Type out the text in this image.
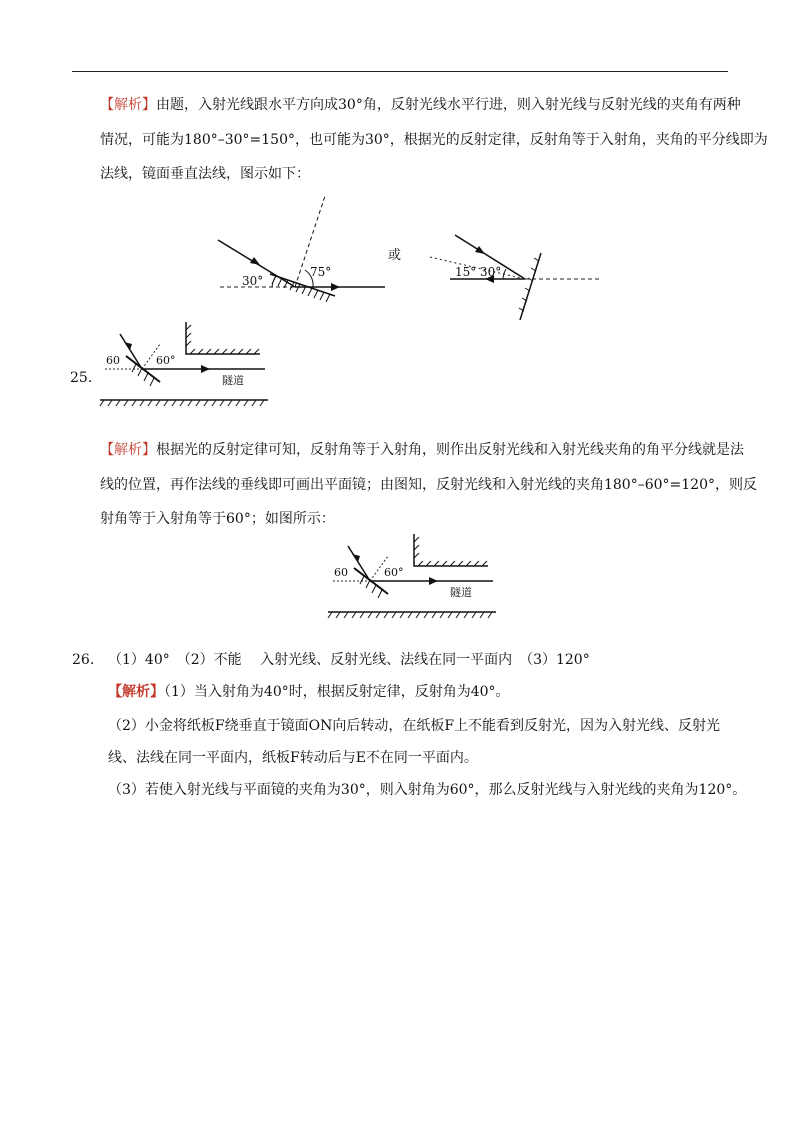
【解析】由题，入射光线跟水平方向成30°角，反射光线水平行进，则入射光线与反射光线的夹角有两种
情况，可能为180°–30°=150°，也可能为30°，根据光的反射定律，反射角等于入射角，夹角的平分线即为
法线，镜面垂直法线，图示如下：
30°
75°
或
15° 30°
25.
60	60°
隧道
【解析】根据光的反射定律可知，反射角等于入射角，则作出反射光线和入射光线夹角的角平分线就是法
线的位置，再作法线的垂线即可画出平面镜；由图知，反射光线和入射光线的夹角180°–60°=120°，则反
射角等于入射角等于60°；如图所示：
60	60°
隧道
26. （1）40°　（2）不能　 入射光线、反射光线、法线在同一平面内　（3）120°
【解析】（1）当入射角为40°时，根据反射定律，反射角为40°。
（2）小金将纸板F绕垂直于镜面ON向后转动，在纸板F上不能看到反射光，因为入射光线、反射光
线、法线在同一平面内，纸板F转动后与E不在同一平面内。
（3）若使入射光线与平面镜的夹角为30°，则入射角为60°，那么反射光线与入射光线的夹角为120°。
